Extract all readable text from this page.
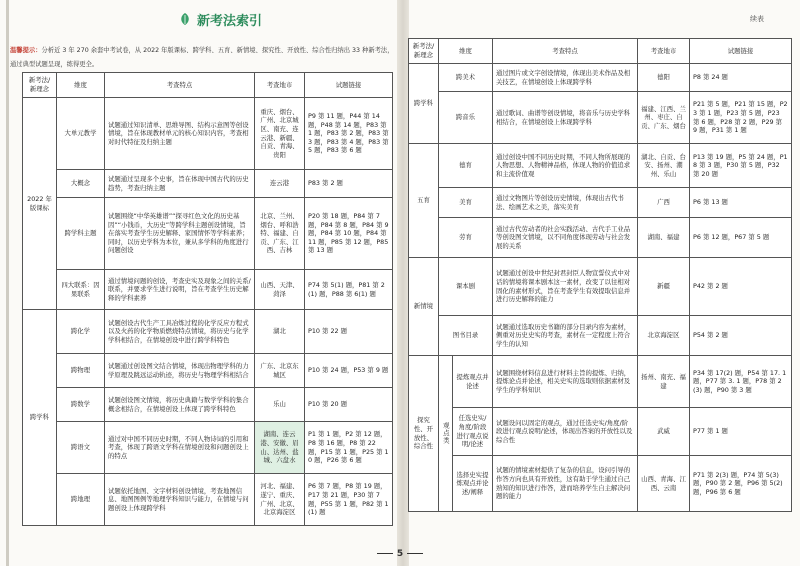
新考法索引
温馨提示：分析近 3 年 270 余套中考试卷，从 2022 年版课标、跨学科、五育、新情境、探究性、开放性、综合性归纳出 33 种新考法，通过典型试题呈现，练得更全。
续表
新考法/新理念	维度	考查特点	考查地市	试题链接
2022 年版课标	大单元教学	试题通过知识清单、思维导图、结构示意图等创设情境，旨在体现教材单元的核心知识内容，考查相对时代特征及归纳主题	重庆、烟台、广州、北京城区、南充、连云港、新疆、自贡、青海、贵阳	P9 第 11 题，P44 第 14 题，P48 第 14 题，P83 第 1 题，P83 第 2 题，P83 第 3 题，P83 第 4 题，P83 第 5 题，P83 第 6 题
	大概念	试题通过呈现多个史事，旨在体现中国古代的历史趋势，考查归纳主题	连云港	P83 第 2 题
	跨学科主题	试题围绕“中华英雄谱”“探寻红色文化的历史基因”“小钱币，大历史”等跨学科主题创设情境，旨在落实考查学生历史解释、家国情怀等学科素养；同时，以历史学科为本位，兼从多学科的角度进行问题创设	北京、兰州、烟台、呼和浩特、福建、自贡、广东、江西、吉林	P20 第 18 题，P84 第 7 题，P84 第 8 题，P84 第 9 题，P84 第 10 题，P84 第 11 题，P85 第 12 题，P85 第 13 题
	四大联系：因果联系	通过情境问题的创设，考查史实及现象之间的关系/联系，并要求学生进行说明，旨在考查学生历史解释的学科素养	山西、天津、菏泽	P74 第 5(1) 题，P81 第 2(1) 题，P88 第 6(1) 题
跨学科	跨化学	试题创设古代生产工具冶炼过程的化学反应方程式以及火药的化学物质燃烧特点情境，将历史与化学学科相结合，在情境创设中进行跨学科特色	湖北	P10 第 22 题
	跨物理	试题通过创设图文结合情境，体现出物理学科的力学原理及跳远运动轨迹，将历史与物理学科相结合	广东、北京东城区	P10 第 24 题，P53 第 9 题
	跨数学	试题创设图文情境，将历史典籍与数学学科的集合概念相结合，在情境创设上体现了跨学科特色	乐山	P10 第 20 题
	跨语文	通过对中国不同历史时期，不同人物诗词的引用和考查，体现了跨语文学科在情境创设和问题创设上的特点	湖南、连云港、安徽、眉山、达州、盐城、六盘水	P1 第 1 题，P2 第 12 题，P8 第 16 题，P8 第 22 题，P15 第 1 题，P25 第 10 题，P26 第 6 题
	跨地理	试题依托地图、文字材料创设情境，考查地图信息、地图图例等地理学科知识与能力，在情境与问题创设上体现跨学科	河北、福建、遂宁、重庆、广州、北京、北京海淀区	P6 第 7 题，P8 第 19 题，P17 第 21 题，P30 第 7 题，P55 第 1 题，P82 第 1(1) 题
新考法/新理念	维度		考查特点	考查地市	试题链接
跨学科	跨美术		通过图片或文字创设情境，体现出美术作品及相关技艺，在情境创设上体现跨学科	德阳	P8 第 24 题
	跨音乐		通过歌词、曲谱等创设情境，将音乐与历史学科相结合，在情境创设上体现跨学科	福建、江西、兰州、枣庄、自贡、广东、烟台	P21 第 5 题，P21 第 15 题，P23 第 1 题，P23 第 5 题，P23 第 6 题，P28 第 2 题，P29 第 9 题，P31 第 1 题
五育	德育		通过创设中国不同历史时期，不同人物所展现的人物思想、人物精神品格，体现人物的价值追求和主流价值观	湖北、自贡、台安、扬州、潮州、乐山	P13 第 19 题，P5 第 24 题，P18 第 3 题，P30 第 5 题，P32 第 20 题
	美育		通过文物图片等创设历史情境，体现出古代书法、绘画艺术之美，落实美育	广西	P6 第 13 题
	劳育		通过古代劳动者的社会实践活动、古代手工业品等创设图文情境，以不同角度体现劳动与社会发展的关系	湖南、福建	P6 第 12 题，P67 第 5 题
新情境	课本剧		试题通过创设中世纪封君封臣人物宣誓仪式中对话的情境将课本剧本这一素材，改变了以往相对固化的素材形式，旨在考查学生有效提取信息并进行历史解释的能力	新疆	P42 第 2 题
	图书目录		试题通过选取历史书籍的部分目录内容为素材，侧重对历史史实的考查，素材在一定程度上符合学生的认知	北京海淀区	P54 第 2 题
探究性、开放性、综合性	观点类	提炼观点并论述	试题围绕材料信息进行材料主旨的提炼、归纳，提炼论点并论述，相关史实的选取则依据素材及学生的学科知识	扬州、南充、福建	P34 第 17(2) 题，P54 第 17. 1 题，P77 第 3. 1 题，P78 第 2(3) 题，P90 第 3 题
		任选史实/角度/阶段进行观点说明/论述	试题设问以固定的观点，通过任选史实/角度/阶段进行观点说明/论述，体现出答案的开放性以及综合性	武威	P77 第 1 题
		选择史实提炼观点并论述/阐释	试题的情境素材提供了复杂的信息，设问引导的作答方向也具有开放性，这有助于学生通过自己熟知的知识进行作答，进而培养学生自主解决问题的能力	山西、青海、江西、云南	P71 第 2(3) 题，P74 第 5(3) 题，P90 第 2 题，P96 第 5(2) 题，P96 第 6 题
5
